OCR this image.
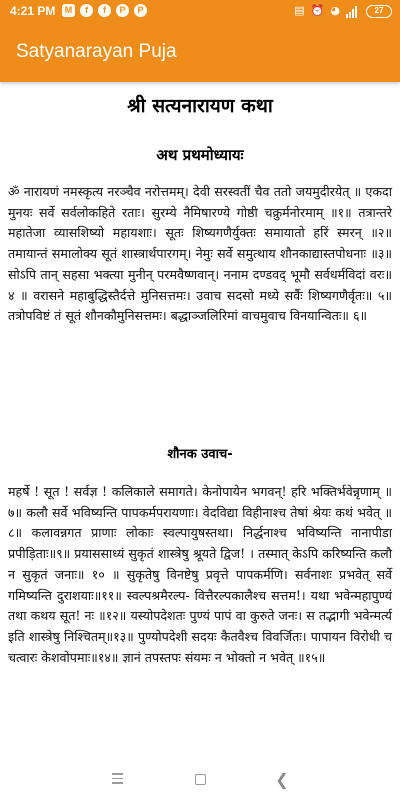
4:21 PM	M	f	f	P	P	▤ ⏰ ◕	27
Satyanarayan Puja
श्री सत्यनारायण कथा
अथ प्रथमोध्यायः

ॐ नारायणं नमस्कृत्य नरञ्चैव नरोत्तमम्। देवी सरस्वतीं चैव ततो जयमुदीरयेत् ॥ एकदा मुनयः सर्वे सर्वलोकहिते रताः। सुरम्ये नैमिषारण्ये गोष्ठी चक्रुर्मनोरमाम् ॥१॥ तत्रान्तरे महातेजा व्यासशिष्यो महायशाः। सूतः शिष्यगणैर्युक्तः समायातो हरिं स्मरन् ॥२॥ तमायान्तं समालोक्य सूतं शास्त्रार्थपारगम्। नेमुः सर्वे समुत्थाय शौनकाद्यास्तपोधनाः ॥३॥ सोऽपि तान् सहसा भक्त्या मुनीन् परमवैष्णवान्। ननाम दण्डवद् भूमौ सर्वधर्मविदां वरः॥ ४ ॥ वरासने महाबुद्धिस्तैर्दत्ते मुनिसत्तमः। उवाच सदसो मध्ये सर्वैः शिष्यगणैर्वृतः॥ ५॥ तत्रोपविष्टं तं सूतं शौनकौमुनिसत्तमः। बद्धाञ्जलिरिमां वाचमुवाच विनयान्वितः॥ ६॥

शौनक उवाच-

महर्षे ! सूत ! सर्वज्ञ ! कलिकाले समागते। केनोपायेन भगवन्! हरि भक्तिर्भवेन्नृणाम् ॥ ७॥ कलौ सर्वे भविष्यन्ति पापकर्मपरायणाः। वेदविद्या विहीनाश्च तेषां श्रेयः कथं भवेत् ॥ ८॥ कलावन्नगत प्राणाः लोकाः स्वल्पायुषस्तथा। निर्द्धनाश्च भविष्यन्ति नानापीडा प्रपीड़िताः॥९॥ प्रयाससाध्यं सुकृतं शास्त्रेषु श्रूयते द्विज! । तस्मात् केऽपि करिष्यन्ति कलौ न सुकृतं जनाः॥ १० ॥ सुकृतेषु विनष्टेषु प्रवृत्ते पापकर्मणि। सर्वनाशः प्रभवेत् सर्वे गमिष्यन्ति दुराशयाः॥११॥ स्वल्पश्रमैरल्प- वित्तैरल्पकालैश्च सत्तम!। यथा भवेन्महापुण्यं तथा कथय सूत! नः ॥१२॥ यस्योपदेशतः पुण्यं पापं वा कुरुते जनः। स तद्भागी भवेन्मर्त्य इति शास्त्रेषु निश्चितम्॥१३॥ पुण्योपदेशी सदयः कैतवैश्च विवर्जितः। पापायन विरोधी च चत्वारः केशवोपमाः॥१४॥ ज्ञानं तपस्तपः संयमः न भोक्तो न भवेत् ॥१५॥

❮
